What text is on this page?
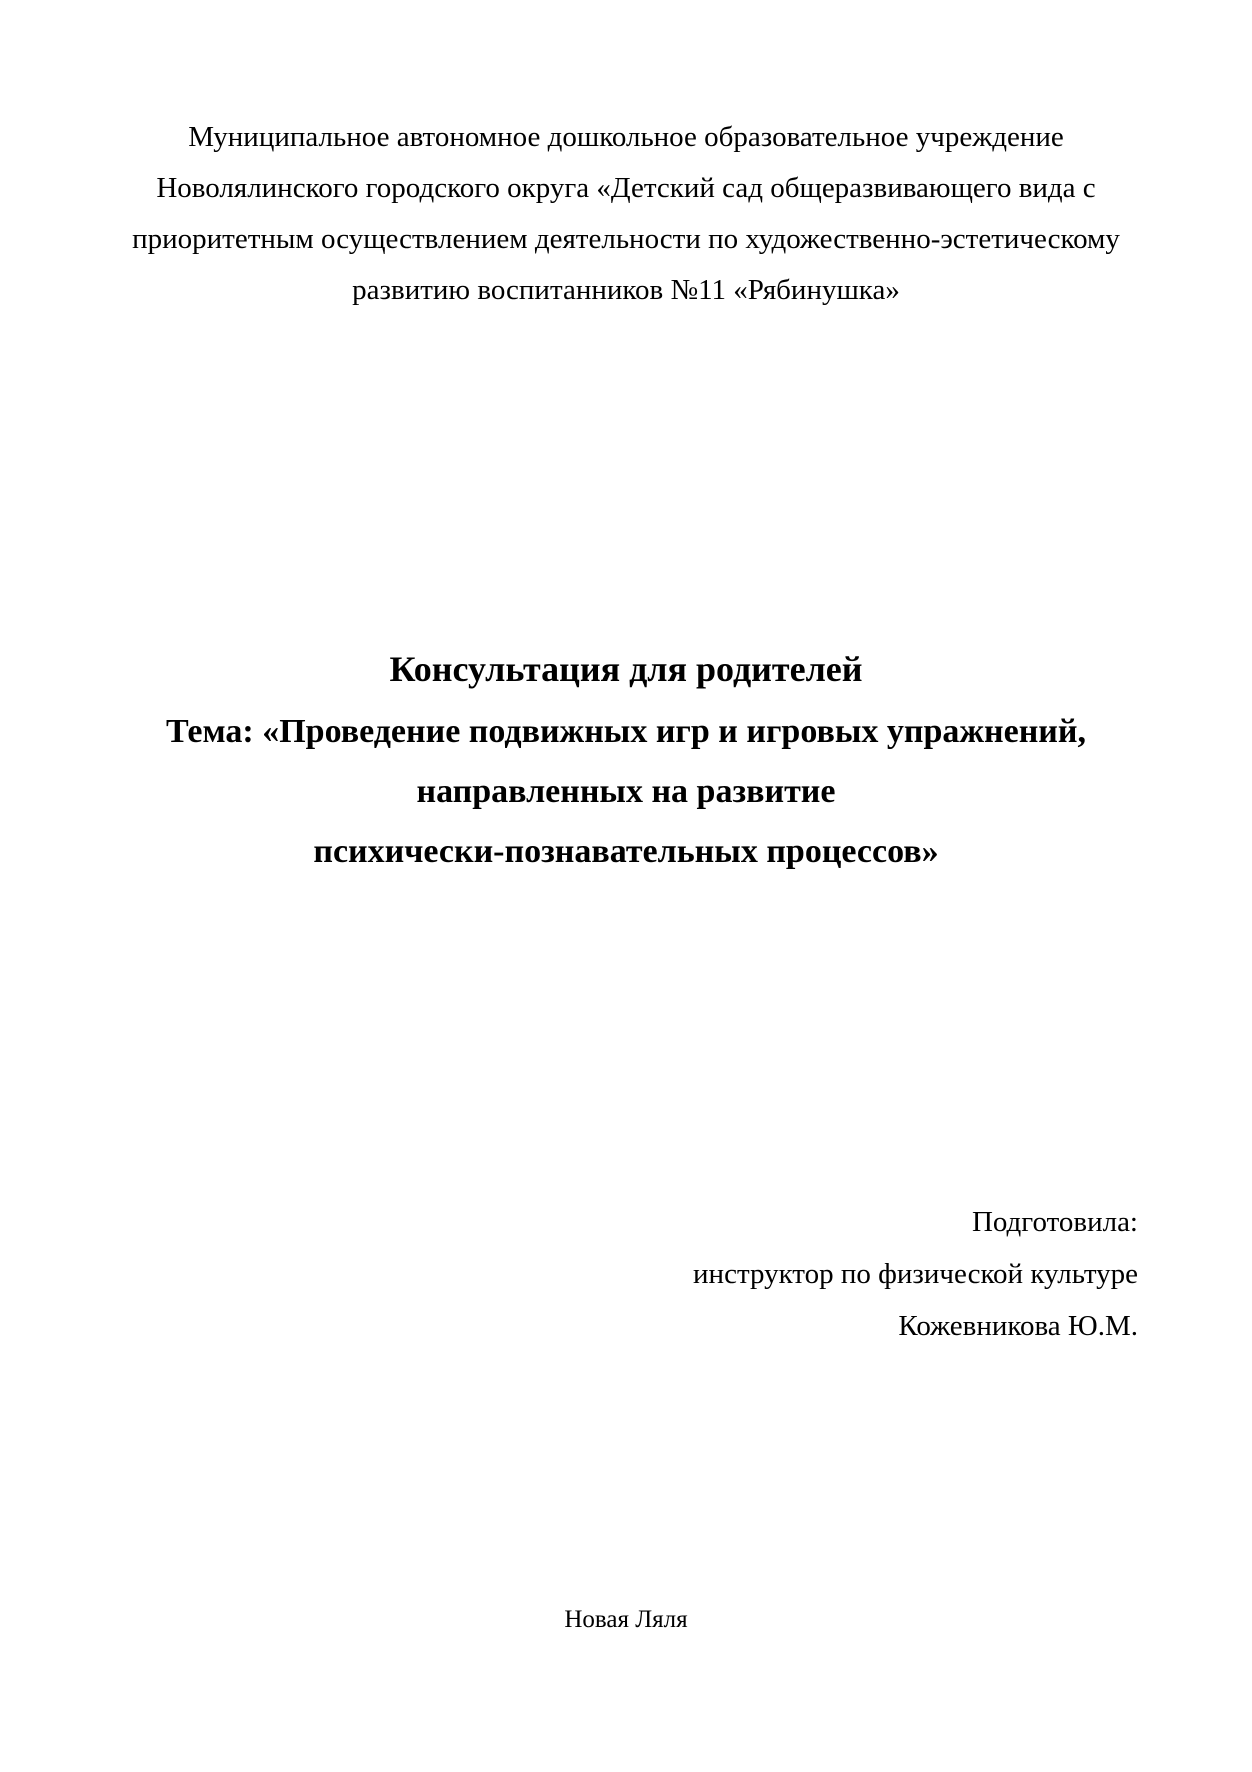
Муниципальное автономное дошкольное образовательное учреждение
Новолялинского городского округа «Детский сад общеразвивающего вида с
приоритетным осуществлением деятельности по художественно-эстетическому
развитию воспитанников №11 «Рябинушка»
Консультация для родителей
Тема: «Проведение подвижных игр и игровых упражнений,
направленных на развитие
психически-познавательных процессов»
Подготовила:
инструктор по физической культуре
Кожевникова Ю.М.
Новая Ляля
